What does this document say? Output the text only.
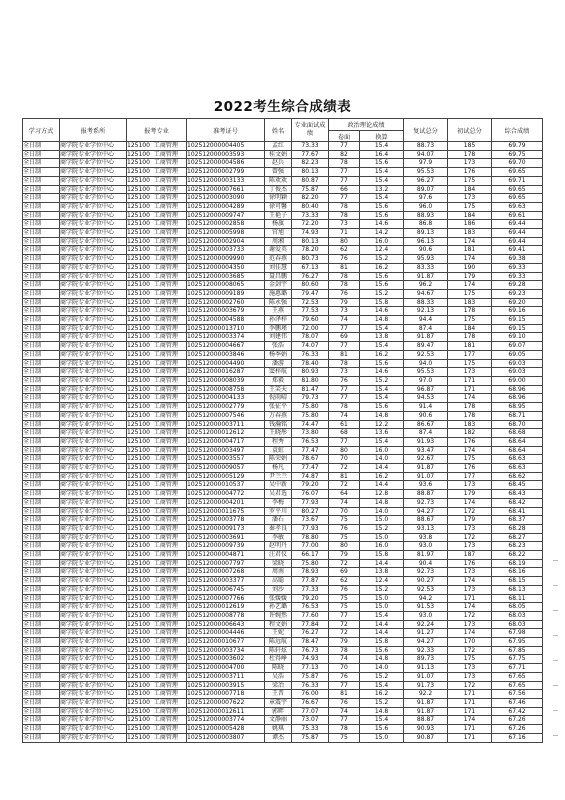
2022考生综合成绩表
学习方式	报考系所	报考专业	准考证号	姓名	专业面试成绩	政治理论成绩		复试总分	初试总分	综合成绩
						卷面	换算			
全日制	商学院专业学位中心	125100 工商管理	102512000004405	孟红	73.33	77	15.4	88.73	185	69.79
全日制	商学院专业学位中心	125100 工商管理	102512000003593	桂文娟	77.67	82	16.4	94.07	178	69.75
全日制	商学院专业学位中心	125100 工商管理	102512000004586	赵兵	82.23	78	15.6	97.9	173	69.70
全日制	商学院专业学位中心	125100 工商管理	102512000002799	曾强	80.13	77	15.4	95.53	176	69.65
全日制	商学院专业学位中心	125100 工商管理	102512000003133	陈欢欢	80.87	77	15.4	96.27	175	69.71
全日制	商学院专业学位中心	125100 工商管理	102512000007661	丁俊杰	75.87	66	13.2	89.07	184	69.65
全日制	商学院专业学位中心	125100 工商管理	102512000003090	徐明颖	82.20	77	15.4	97.6	173	69.65
全日制	商学院专业学位中心	125100 工商管理	102512000004289	徐可馨	80.40	78	15.6	96.0	175	69.63
全日制	商学院专业学位中心	125100 工商管理	102512000009747	王艳子	73.33	78	15.6	88.93	184	69.61
全日制	商学院专业学位中心	125100 工商管理	102512000002858	杨旗	72.20	73	14.6	86.8	186	69.44
全日制	商学院专业学位中心	125100 工商管理	102512000005998	官旭	74.93	71	14.2	89.13	183	69.44
全日制	商学院专业学位中心	125100 工商管理	102512000002904	周湘	80.13	80	16.0	96.13	174	69.44
全日制	商学院专业学位中心	125100 工商管理	102512000003733	谢爱英	78.20	62	12.4	90.6	181	69.41
全日制	商学院专业学位中心	125100 工商管理	102512000009990	范春燕	80.73	76	15.2	95.93	174	69.38
全日制	商学院专业学位中心	125100 工商管理	102512000004350	刘佳慧	67.13	81	16.2	83.33	190	69.33
全日制	商学院专业学位中心	125100 工商管理	102512000003685	聂昌鹏	76.27	78	15.6	91.87	179	69.33
全日制	商学院专业学位中心	125100 工商管理	102512000008065	金剑宇	80.60	78	15.6	96.2	174	69.28
全日制	商学院专业学位中心	125100 工商管理	102512000009189	施惠璐	79.47	76	15.2	94.67	175	69.23
全日制	商学院专业学位中心	125100 工商管理	102512000002760	陈永强	72.53	79	15.8	88.33	183	69.20
全日制	商学院专业学位中心	125100 工商管理	102512000003679	王燕	77.53	73	14.6	92.13	178	69.16
全日制	商学院专业学位中心	125100 工商管理	102512000004588	孙泽梓	79.60	74	14.8	94.4	175	69.15
全日制	商学院专业学位中心	125100 工商管理	102512000013710	李鹏瑾	72.00	77	15.4	87.4	184	69.15
全日制	商学院专业学位中心	125100 工商管理	102512000003374	刘建伟	78.07	69	13.8	91.87	178	69.10
全日制	商学院专业学位中心	125100 工商管理	102512000004667	张浩	74.07	77	15.4	89.47	181	69.07
全日制	商学院专业学位中心	125100 工商管理	102512000003846	杨季娟	76.33	81	16.2	92.53	177	69.05
全日制	商学院专业学位中心	125100 工商管理	102512000004490	潘游	78.40	78	15.6	94.0	175	69.03
全日制	商学院专业学位中心	125100 工商管理	102512000016287	窦梓航	80.93	73	14.6	95.53	173	69.03
全日制	商学院专业学位中心	125100 工商管理	102512000008039	郑毅	81.80	76	15.2	97.0	171	69.00
全日制	商学院专业学位中心	125100 工商管理	102512000008758	王笑天	81.47	77	15.4	96.87	171	68.96
全日制	商学院专业学位中心	125100 工商管理	102512000004133	倪雨晴	79.73	77	15.4	94.53	174	68.96
全日制	商学院专业学位中心	125100 工商管理	102512000002779	张征平	75.80	78	15.6	91.4	178	68.95
全日制	商学院专业学位中心	125100 工商管理	102512000007546	万春燕	75.80	74	14.8	90.6	178	68.71
全日制	商学院专业学位中心	125100 工商管理	102512000003711	钱瀚铭	74.47	61	12.2	86.67	183	68.70
全日制	商学院专业学位中心	125100 工商管理	102512000012612	王晓彤	73.80	68	13.6	87.4	182	68.68
全日制	商学院专业学位中心	125100 工商管理	102512000004717	程秀	76.53	77	15.4	91.93	176	68.64
全日制	商学院专业学位中心	125100 工商管理	102512000003497	袁虹	77.47	80	16.0	93.47	174	68.64
全日制	商学院专业学位中心	125100 工商管理	102512000003557	陈荣娟	78.67	70	14.0	92.67	175	68.63
全日制	商学院专业学位中心	125100 工商管理	102512000009057	杨凡	77.47	72	14.4	91.87	176	68.63
全日制	商学院专业学位中心	125100 工商管理	102512000005129	尹兰兰	74.87	81	16.2	91.07	177	68.62
全日制	商学院专业学位中心	125100 工商管理	102512000010537	吴中新	79.20	72	14.4	93.6	173	68.45
全日制	商学院专业学位中心	125100 工商管理	102512000004772	吴君选	76.07	64	12.8	88.87	179	68.43
全日制	商学院专业学位中心	125100 工商管理	102512000004201	李梅	77.93	74	14.8	92.73	174	68.42
全日制	商学院专业学位中心	125100 工商管理	102512000011675	罗平川	80.27	70	14.0	94.27	172	68.41
全日制	商学院专业学位中心	125100 工商管理	102512000003778	潘石	73.67	75	15.0	88.67	179	68.37
全日制	商学院专业学位中心	125100 工商管理	102512000009173	秦孝良	77.93	76	15.2	93.13	173	68.28
全日制	商学院专业学位中心	125100 工商管理	102512000003691	李敏	78.80	75	15.0	93.8	172	68.27
全日制	商学院专业学位中心	125100 工商管理	102512000009739	赵明丹	77.00	80	16.0	93.0	173	68.23
全日制	商学院专业学位中心	125100 工商管理	102512000004871	汪君仪	66.17	79	15.8	81.97	187	68.22
全日制	商学院专业学位中心	125100 工商管理	102512000007797	梁晓	75.80	72	14.4	90.4	176	68.19
全日制	商学院专业学位中心	125100 工商管理	102512000007268	周南	78.93	69	13.8	92.73	173	68.16
全日制	商学院专业学位中心	125100 工商管理	102512000003377	高聪	77.87	62	12.4	90.27	174	68.15
全日制	商学院专业学位中心	125100 工商管理	102512000006745	刘沙	77.33	76	15.2	92.53	173	68.13
全日制	商学院专业学位中心	125100 工商管理	102512000007766	张媛媛	79.20	75	15.0	94.2	171	68.11
全日制	商学院专业学位中心	125100 工商管理	102512000012619	孙艺璐	76.53	75	15.0	91.53	174	68.05
全日制	商学院专业学位中心	125100 工商管理	102512000008778	许婉然	77.60	77	15.4	93.0	172	68.03
全日制	商学院专业学位中心	125100 工商管理	102512000006643	程文娟	77.84	72	14.4	92.24	173	68.03
全日制	商学院专业学位中心	125100 工商管理	102512000004446	王妮	76.27	72	14.4	91.27	174	67.98
全日制	商学院专业学位中心	125100 工商管理	102512000010677	陈远航	78.47	79	15.8	94.27	170	67.95
全日制	商学院专业学位中心	125100 工商管理	102512000003734	陈轩炫	76.73	78	15.6	92.33	172	67.85
全日制	商学院专业学位中心	125100 工商管理	102512000003602	杜得峥	74.93	74	14.8	89.73	175	67.75
全日制	商学院专业学位中心	125100 工商管理	102512000004700	陈晓	77.13	70	14.0	91.13	173	67.71
全日制	商学院专业学位中心	125100 工商管理	102512000003711	吴浩	75.87	76	15.2	91.07	173	67.65
全日制	商学院专业学位中心	125100 工商管理	102512000003915	梁冶	76.33	77	15.4	91.73	172	67.65
全日制	商学院专业学位中心	125100 工商管理	102512000007718	王晋	76.00	81	16.2	92.2	171	67.56
全日制	商学院专业学位中心	125100 工商管理	102512000007622	章震宇	76.67	76	15.2	91.87	171	67.46
全日制	商学院专业学位中心	125100 工商管理	102512000012611	郭畔	77.07	74	14.8	91.87	171	67.42
全日制	商学院专业学位中心	125100 工商管理	102512000003774	文静丽	73.07	77	15.4	88.87	174	67.26
全日制	商学院专业学位中心	125100 工商管理	102512000005428	姚琪	75.33	78	15.6	90.93	171	67.26
全日制	商学院专业学位中心	125100 工商管理	102512000003807	谭杰	75.87	75	15.0	90.87	171	67.16
